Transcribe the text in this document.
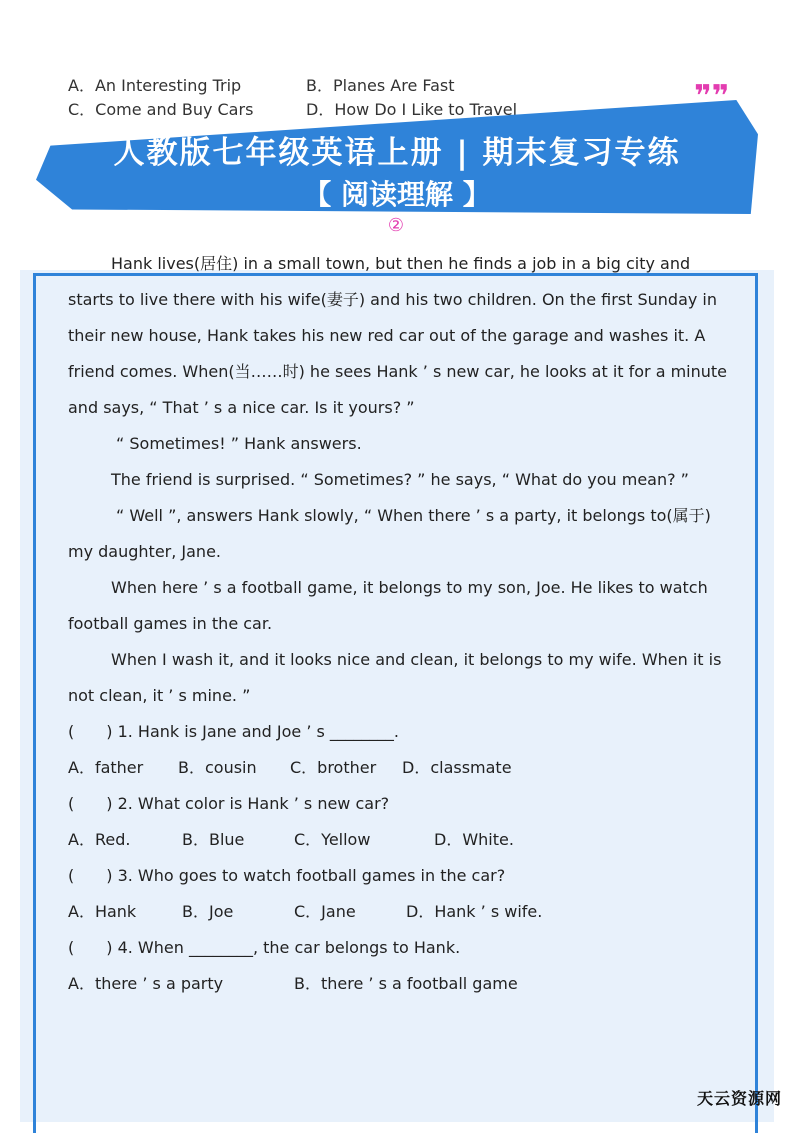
A．An Interesting Trip	B．Planes Are Fast
C．Come and Buy Cars	D．How Do I Like to Travel
人教版七年级英语上册 | 期末复习专练
【 阅读理解 】
❞❞
②

Hank lives(居住) in a small town, but then he finds a job in a big city and starts to live there with his wife(妻子) and his two children. On the first Sunday in their new house, Hank takes his new red car out of the garage and washes it. A friend comes. When(当……时) he sees Hank ’ s new car, he looks at it for a minute and says, “ That ’ s a nice car. Is it yours? ”

“ Sometimes! ” Hank answers.

The friend is surprised. “ Sometimes? ” he says, “ What do you mean? ”

“ Well ”, answers Hank slowly, “ When there ’ s a party, it belongs to(属于) my daughter, Jane.

When here ’ s a football game, it belongs to my son, Joe. He likes to watch football games in the car.

When I wash it, and it looks nice and clean, it belongs to my wife. When it is not clean, it ’ s mine. ”

(　　) 1. Hank is Jane and Joe ’ s ________.
A．father B．cousin C．brother D．classmate
(　　) 2. What color is Hank ’ s new car?
A．Red.	B．Blue	C．Yellow	D．White.
(　　) 3. Who goes to watch football games in the car?
A．Hank	B．Joe	C．Jane	D．Hank ’ s wife.
(　　) 4. When ________, the car belongs to Hank.
A．there ’ s a party	B．there ’ s a football game
天云资源网
